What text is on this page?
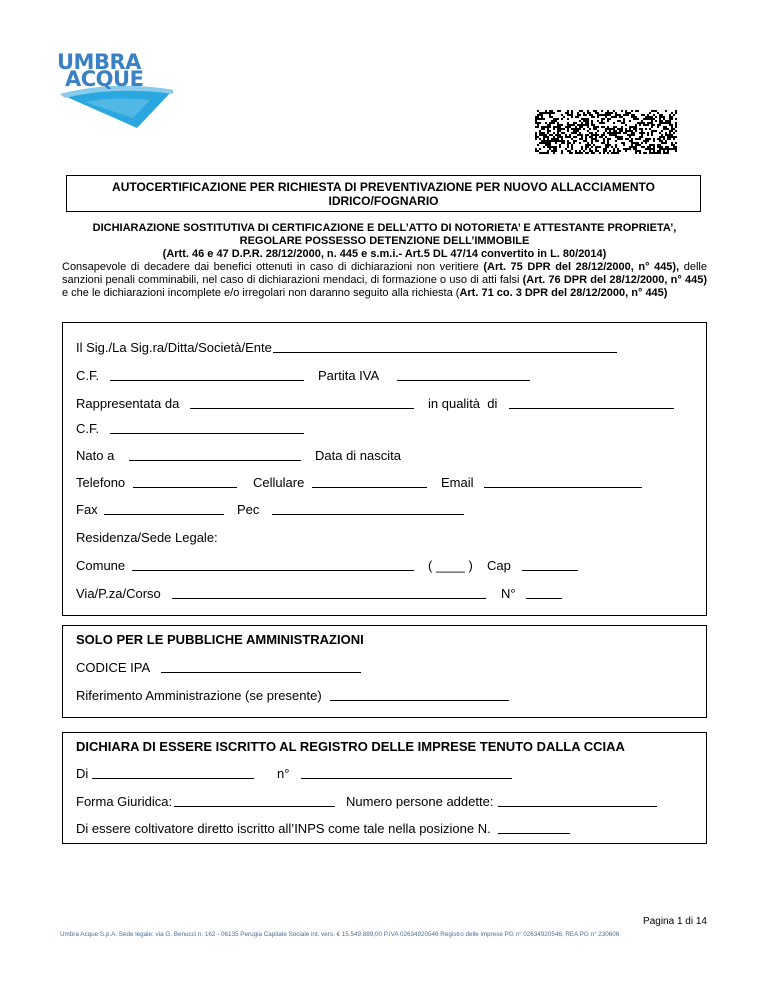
UMBRA
ACQUE
AUTOCERTIFICAZIONE PER RICHIESTA DI PREVENTIVAZIONE PER NUOVO ALLACCIAMENTO
IDRICO/FOGNARIO
DICHIARAZIONE SOSTITUTIVA DI CERTIFICAZIONE E DELL’ATTO DI NOTORIETA’ E ATTESTANTE PROPRIETA’,
REGOLARE POSSESSO DETENZIONE DELL’IMMOBILE
(Artt. 46 e 47 D.P.R. 28/12/2000, n. 445 e s.m.i.- Art.5 DL 47/14 convertito in L. 80/2014)
Consapevole di decadere dai benefici ottenuti in caso di dichiarazioni non veritiere (Art. 75 DPR del 28/12/2000, n° 445), delle sanzioni penali comminabili, nel caso di dichiarazioni mendaci, di formazione o uso di atti falsi (Art. 76 DPR del 28/12/2000, n° 445) e che le dichiarazioni incomplete e/o irregolari non daranno seguito alla richiesta (Art. 71 co. 3 DPR del 28/12/2000, n° 445)
Il Sig./La Sig.ra/Ditta/Società/Ente
C.F.	Partita IVA
Rappresentata da	in qualità  di
C.F.
Nato a	Data di nascita
Telefono	Cellulare	Email
Fax	Pec
Residenza/Sede Legale:
Comune	( ____ ) Cap
Via/P.za/Corso	N°
SOLO PER LE PUBBLICHE AMMINISTRAZIONI
CODICE IPA
Riferimento Amministrazione (se presente)
DICHIARA DI ESSERE ISCRITTO AL REGISTRO DELLE IMPRESE TENUTO DALLA CCIAA
Di	n°
Forma Giuridica:	Numero persone addette:
Di essere coltivatore diretto iscritto all’INPS come tale nella posizione N.
Pagina 1 di 14
Umbra Acque S.p.A. Sede legale: via G. Benucci n. 162 - 06135 Perugia Capitale Sociale int. vers. € 15.549.889,00 P.IVA 02634920546 Registro delle imprese PG n° 02634920546, REA PG n° 230606
